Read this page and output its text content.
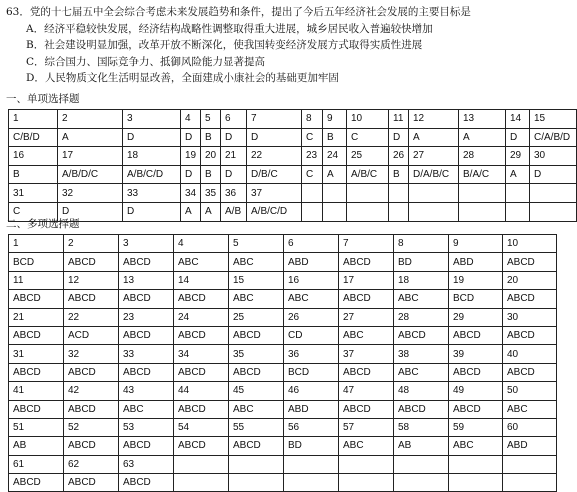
63．党的十七届五中全会综合考虑未来发展趋势和条件，提出了今后五年经济社会发展的主要目标是
A．经济平稳较快发展，经济结构战略性调整取得重大进展，城乡居民收入普遍较快增加
B．社会建设明显加强，改革开放不断深化，使我国转变经济发展方式取得实质性进展
C．综合国力、国际竞争力、抵御风险能力显著提高
D．人民物质文化生活明显改善，全面建成小康社会的基础更加牢固
一、单项选择题
1	2	3	4	5	6	7	8	9	10	11	12	13	14	15
C/B/D	A	D	D	B	D	D	C	B	C	D	A	A	D	C/A/B/D
16	17	18	19	20	21	22	23	24	25	26	27	28	29	30
B	A/B/D/C	A/B/C/D	D	B	D	D/B/C	C	A	A/B/C	B	D/A/B/C	B/A/C	A	D
31	32	33	34	35	36	37								
C	D	D	A	A	A/B	A/B/C/D								
二、多项选择题
1	2	3	4	5	6	7	8	9	10
BCD	ABCD	ABCD	ABC	ABC	ABD	ABCD	BD	ABD	ABCD
11	12	13	14	15	16	17	18	19	20
ABCD	ABCD	ABCD	ABCD	ABC	ABC	ABCD	ABC	BCD	ABCD
21	22	23	24	25	26	27	28	29	30
ABCD	ACD	ABCD	ABCD	ABCD	CD	ABC	ABCD	ABCD	ABCD
31	32	33	34	35	36	37	38	39	40
ABCD	ABCD	ABCD	ABCD	ABCD	BCD	ABCD	ABC	ABCD	ABCD
41	42	43	44	45	46	47	48	49	50
ABCD	ABCD	ABC	ABCD	ABC	ABD	ABCD	ABCD	ABCD	ABC
51	52	53	54	55	56	57	58	59	60
AB	ABCD	ABCD	ABCD	ABCD	BD	ABC	AB	ABC	ABD
61	62	63							
ABCD	ABCD	ABCD							
